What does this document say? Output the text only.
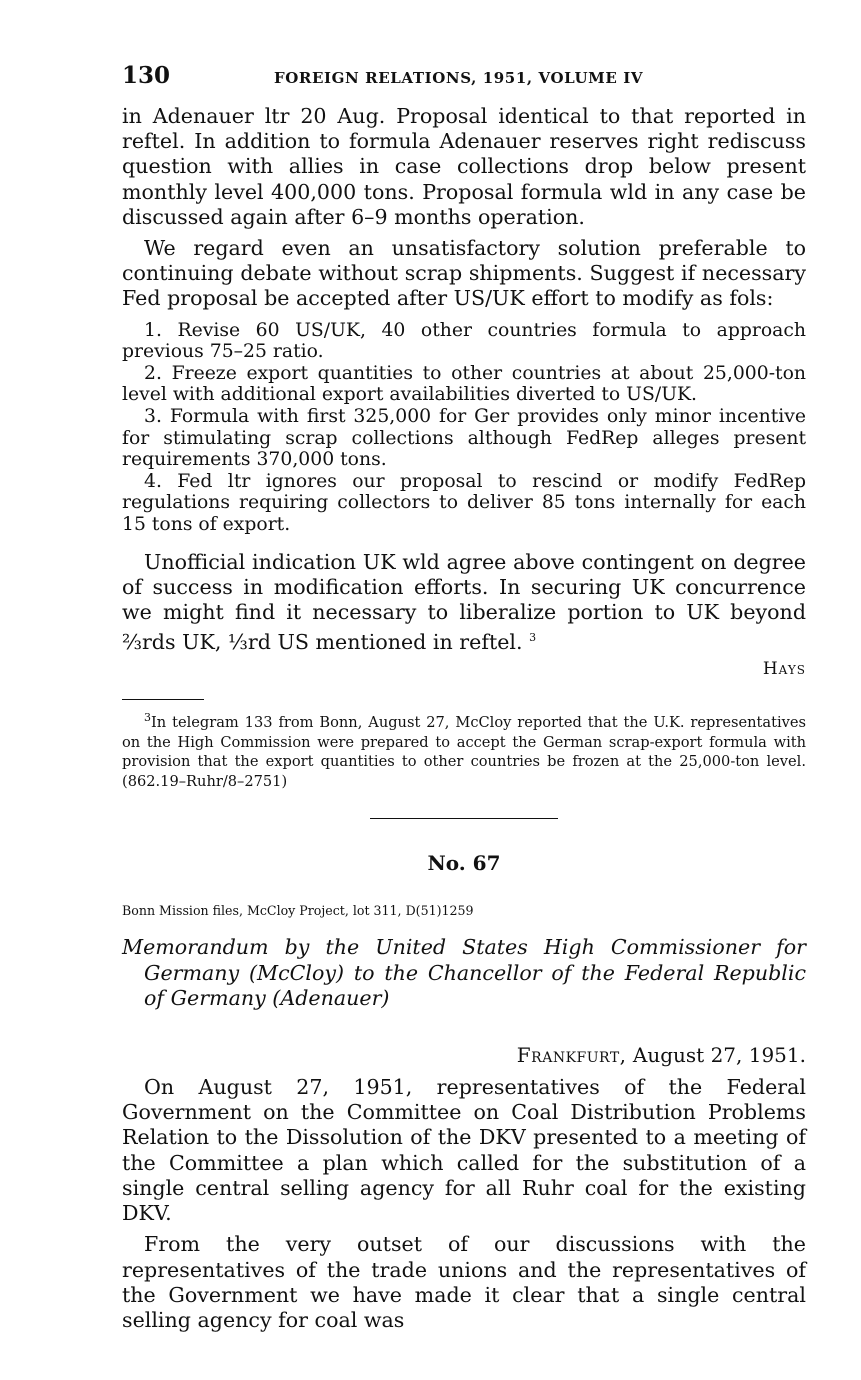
130	FOREIGN RELATIONS, 1951, VOLUME IV

in Adenauer ltr 20 Aug. Proposal identical to that reported in reftel. In addition to formula Adenauer reserves right rediscuss question with allies in case collections drop below present monthly level 400,000 tons. Proposal formula wld in any case be discussed again after 6–9 months operation.

We regard even an unsatisfactory solution preferable to continuing debate without scrap shipments. Suggest if necessary Fed proposal be accepted after US/UK effort to modify as fols:

1. Revise 60 US/UK, 40 other countries formula to approach previous 75–25 ratio.
2. Freeze export quantities to other countries at about 25,000-ton level with additional export availabilities diverted to US/UK.
3. Formula with first 325,000 for Ger provides only minor incentive for stimulating scrap collections although FedRep alleges present requirements 370,000 tons.
4. Fed ltr ignores our proposal to rescind or modify FedRep regulations requiring collectors to deliver 85 tons internally for each 15 tons of export.

Unofficial indication UK wld agree above contingent on degree of success in modification efforts. In securing UK concurrence we might find it necessary to liberalize portion to UK beyond ⅔rds UK, ⅓rd US mentioned in reftel. $^3$

Hays

$^3$In telegram 133 from Bonn, August 27, McCloy reported that the U.K. representatives on the High Commission were prepared to accept the German scrap-export formula with provision that the export quantities to other countries be frozen at the 25,000-ton level. (862.19–Ruhr/8–2751)

No. 67
Bonn Mission files, McCloy Project, lot 311, D(51)1259
Memorandum by the United States High Commissioner for Germany (McCloy) to the Chancellor of the Federal Republic of Germany (Adenauer)
Frankfurt, August 27, 1951.

On August 27, 1951, representatives of the Federal Government on the Committee on Coal Distribution Problems Relation to the Dissolution of the DKV presented to a meeting of the Committee a plan which called for the substitution of a single central selling agency for all Ruhr coal for the existing DKV.

From the very outset of our discussions with the representatives of the trade unions and the representatives of the Government we have made it clear that a single central selling agency for coal was
